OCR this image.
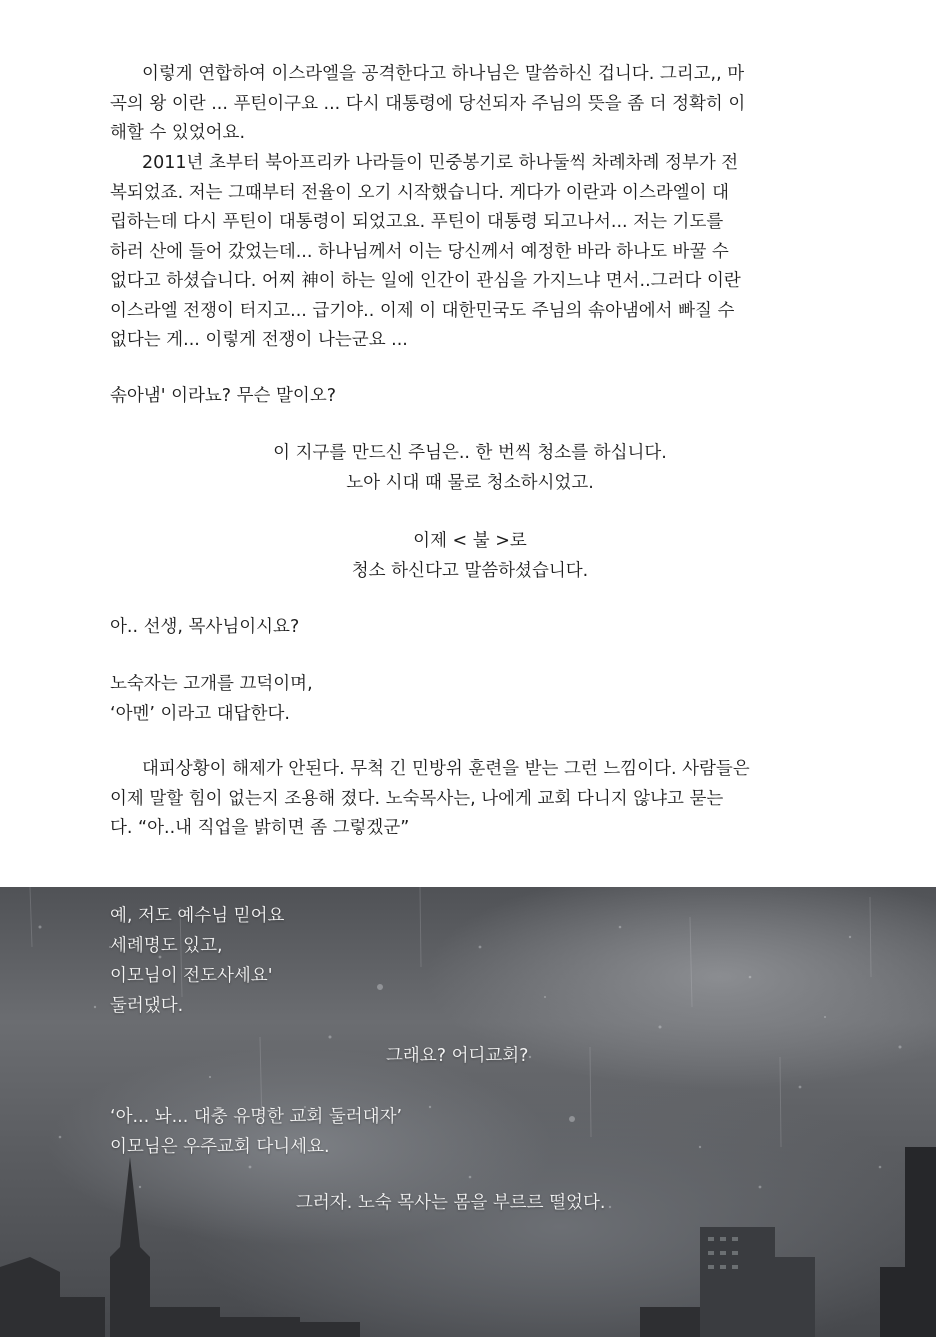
이렇게 연합하여 이스라엘을 공격한다고 하나님은 말씀하신 겁니다. 그리고,, 마
곡의 왕 이란 ... 푸틴이구요 ... 다시 대통령에 당선되자 주님의 뜻을 좀 더 정확히 이
해할 수 있었어요.
2011년 초부터 북아프리카 나라들이 민중봉기로 하나둘씩 차례차례 정부가 전
복되었죠. 저는 그때부터 전율이 오기 시작했습니다. 게다가 이란과 이스라엘이 대
립하는데 다시 푸틴이 대통령이 되었고요. 푸틴이 대통령 되고나서... 저는 기도를
하러 산에 들어 갔었는데... 하나님께서 이는 당신께서 예정한 바라 하나도 바꿀 수
없다고 하셨습니다. 어찌 神이 하는 일에 인간이 관심을 가지느냐 면서..그러다 이란
이스라엘 전쟁이 터지고... 급기야.. 이제 이 대한민국도 주님의 솎아냄에서 빠질 수
없다는 게... 이렇게 전쟁이 나는군요 ...
솎아냄' 이라뇨? 무슨 말이오?
이 지구를 만드신 주님은.. 한 번씩 청소를 하십니다.
노아 시대 때 물로 청소하시었고.
이제 < 불 >로
청소 하신다고 말씀하셨습니다.
아.. 선생, 목사님이시요?
노숙자는 고개를 끄덕이며,
‘아멘’ 이라고 대답한다.
대피상황이 해제가 안된다. 무척 긴 민방위 훈련을 받는 그런 느낌이다. 사람들은
이제 말할 힘이 없는지 조용해 졌다. 노숙목사는, 나에게 교회 다니지 않냐고 묻는
다. “아..내 직업을 밝히면 좀 그렇겠군”
예, 저도 예수님 믿어요
세례명도 있고,
이모님이 전도사세요'
둘러댔다.
그래요? 어디교회?
‘아... 놔... 대충 유명한 교회 둘러대자’
이모님은 우주교회 다니세요.
그러자. 노숙 목사는 몸을 부르르 떨었다.
